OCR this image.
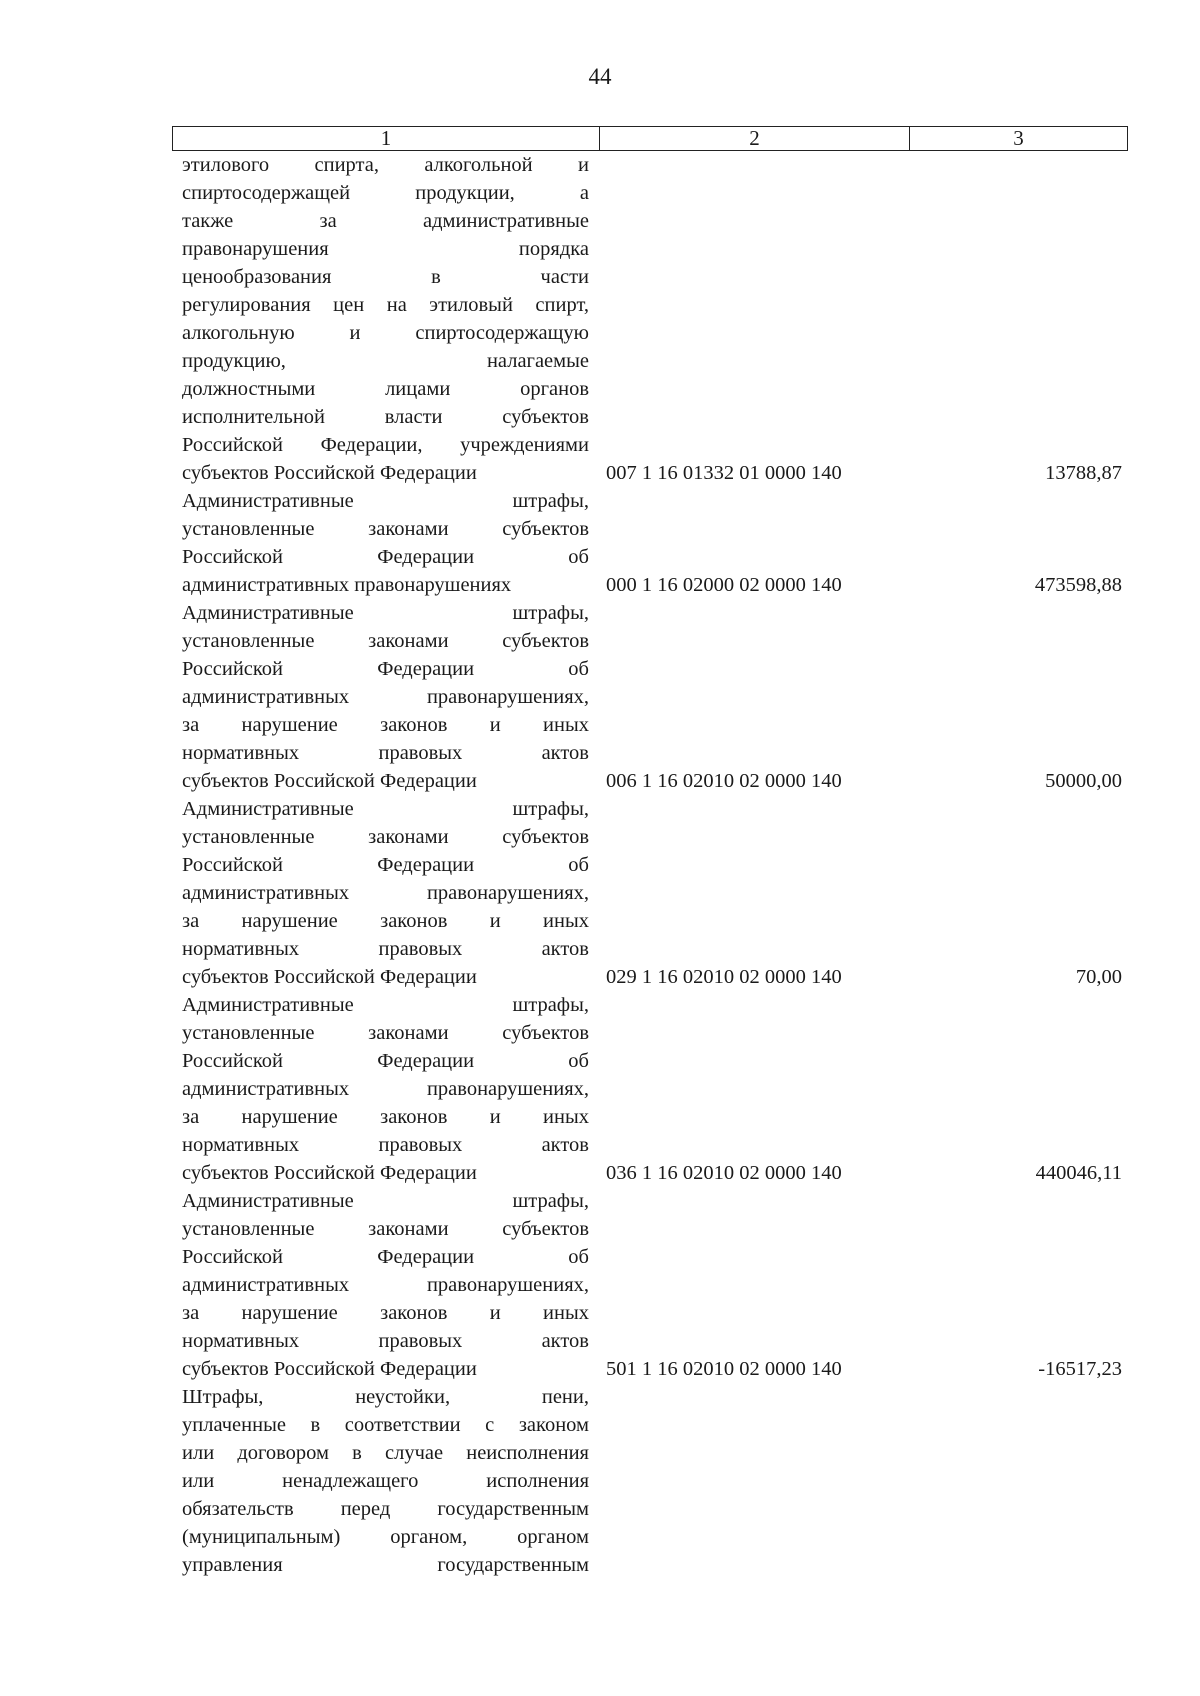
44
1	2	3
этилового спирта, алкогольной и
спиртосодержащей продукции, а
также за административные
правонарушения порядка
ценообразования в части
регулирования цен на этиловый спирт,
алкогольную и спиртосодержащую
продукцию, налагаемые
должностными лицами органов
исполнительной власти субъектов
Российской Федерации, учреждениями
субъектов Российской Федерации	007 1 16 01332 01 0000 140	13788,87
Административные штрафы,
установленные законами субъектов
Российской Федерации об
административных правонарушениях	000 1 16 02000 02 0000 140	473598,88
Административные штрафы,
установленные законами субъектов
Российской Федерации об
административных правонарушениях,
за нарушение законов и иных
нормативных правовых актов
субъектов Российской Федерации	006 1 16 02010 02 0000 140	50000,00
Административные штрафы,
установленные законами субъектов
Российской Федерации об
административных правонарушениях,
за нарушение законов и иных
нормативных правовых актов
субъектов Российской Федерации	029 1 16 02010 02 0000 140	70,00
Административные штрафы,
установленные законами субъектов
Российской Федерации об
административных правонарушениях,
за нарушение законов и иных
нормативных правовых актов
субъектов Российской Федерации	036 1 16 02010 02 0000 140	440046,11
Административные штрафы,
установленные законами субъектов
Российской Федерации об
административных правонарушениях,
за нарушение законов и иных
нормативных правовых актов
субъектов Российской Федерации	501 1 16 02010 02 0000 140	-16517,23
Штрафы, неустойки, пени,
уплаченные в соответствии с законом
или договором в случае неисполнения
или ненадлежащего исполнения
обязательств перед государственным
(муниципальным) органом, органом
управления государственным
